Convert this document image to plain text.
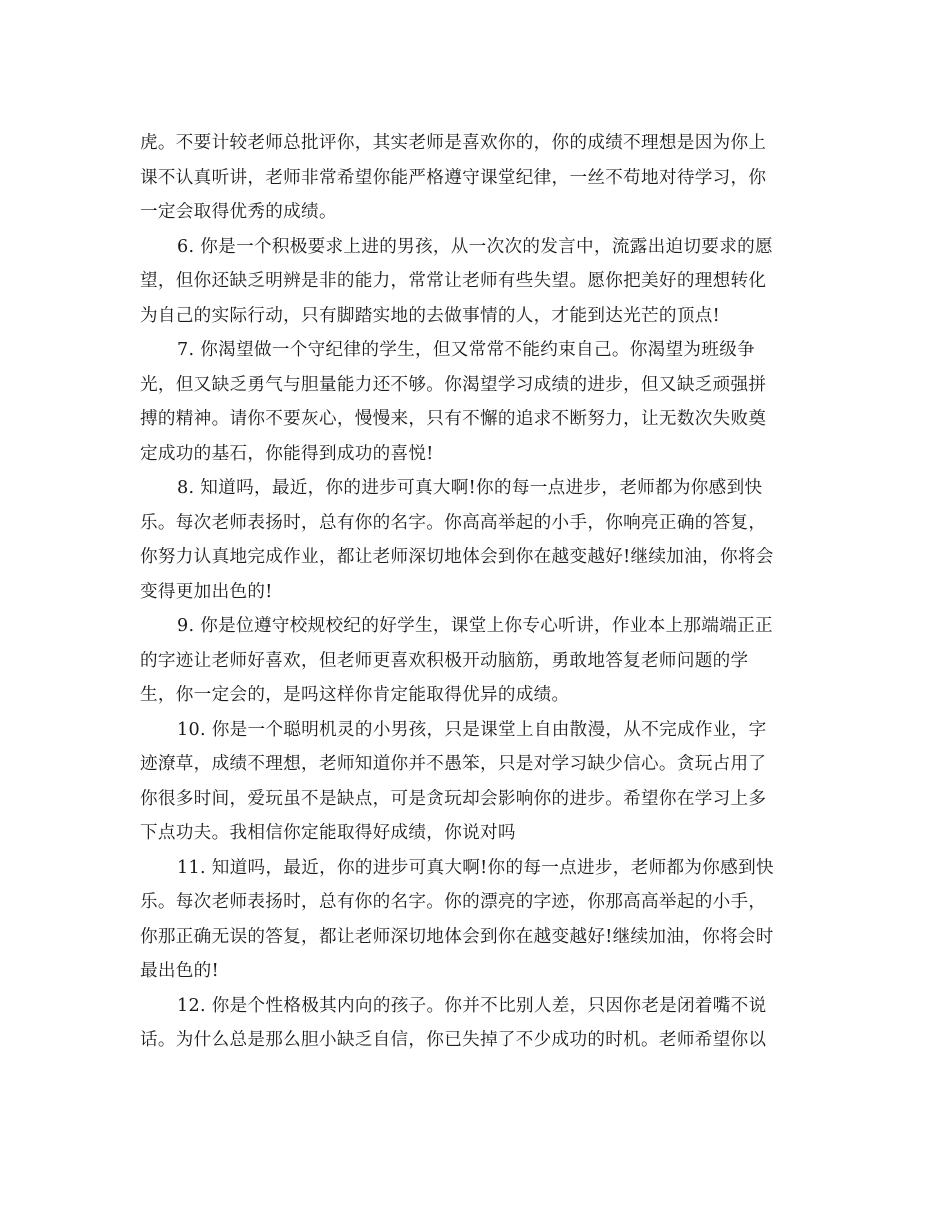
虎。不要计较老师总批评你，其实老师是喜欢你的，你的成绩不理想是因为你上
课不认真听讲，老师非常希望你能严格遵守课堂纪律，一丝不苟地对待学习，你
一定会取得优秀的成绩。
6. 你是一个积极要求上进的男孩，从一次次的发言中，流露出迫切要求的愿
望，但你还缺乏明辨是非的能力，常常让老师有些失望。愿你把美好的理想转化
为自己的实际行动，只有脚踏实地的去做事情的人，才能到达光芒的顶点!
7. 你渴望做一个守纪律的学生，但又常常不能约束自己。你渴望为班级争
光，但又缺乏勇气与胆量能力还不够。你渴望学习成绩的进步，但又缺乏顽强拼
搏的精神。请你不要灰心，慢慢来，只有不懈的追求不断努力，让无数次失败奠
定成功的基石，你能得到成功的喜悦!
8. 知道吗，最近，你的进步可真大啊!你的每一点进步，老师都为你感到快
乐。每次老师表扬时，总有你的名字。你高高举起的小手，你响亮正确的答复，
你努力认真地完成作业，都让老师深切地体会到你在越变越好!继续加油，你将会
变得更加出色的!
9. 你是位遵守校规校纪的好学生，课堂上你专心听讲，作业本上那端端正正
的字迹让老师好喜欢，但老师更喜欢积极开动脑筋，勇敢地答复老师问题的学
生，你一定会的，是吗这样你肯定能取得优异的成绩。
10. 你是一个聪明机灵的小男孩，只是课堂上自由散漫，从不完成作业，字
迹潦草，成绩不理想，老师知道你并不愚笨，只是对学习缺少信心。贪玩占用了
你很多时间，爱玩虽不是缺点，可是贪玩却会影响你的进步。希望你在学习上多
下点功夫。我相信你定能取得好成绩，你说对吗
11. 知道吗，最近，你的进步可真大啊!你的每一点进步，老师都为你感到快
乐。每次老师表扬时，总有你的名字。你的漂亮的字迹，你那高高举起的小手，
你那正确无误的答复，都让老师深切地体会到你在越变越好!继续加油，你将会时
最出色的!
12. 你是个性格极其内向的孩子。你并不比别人差，只因你老是闭着嘴不说
话。为什么总是那么胆小缺乏自信，你已失掉了不少成功的时机。老师希望你以
